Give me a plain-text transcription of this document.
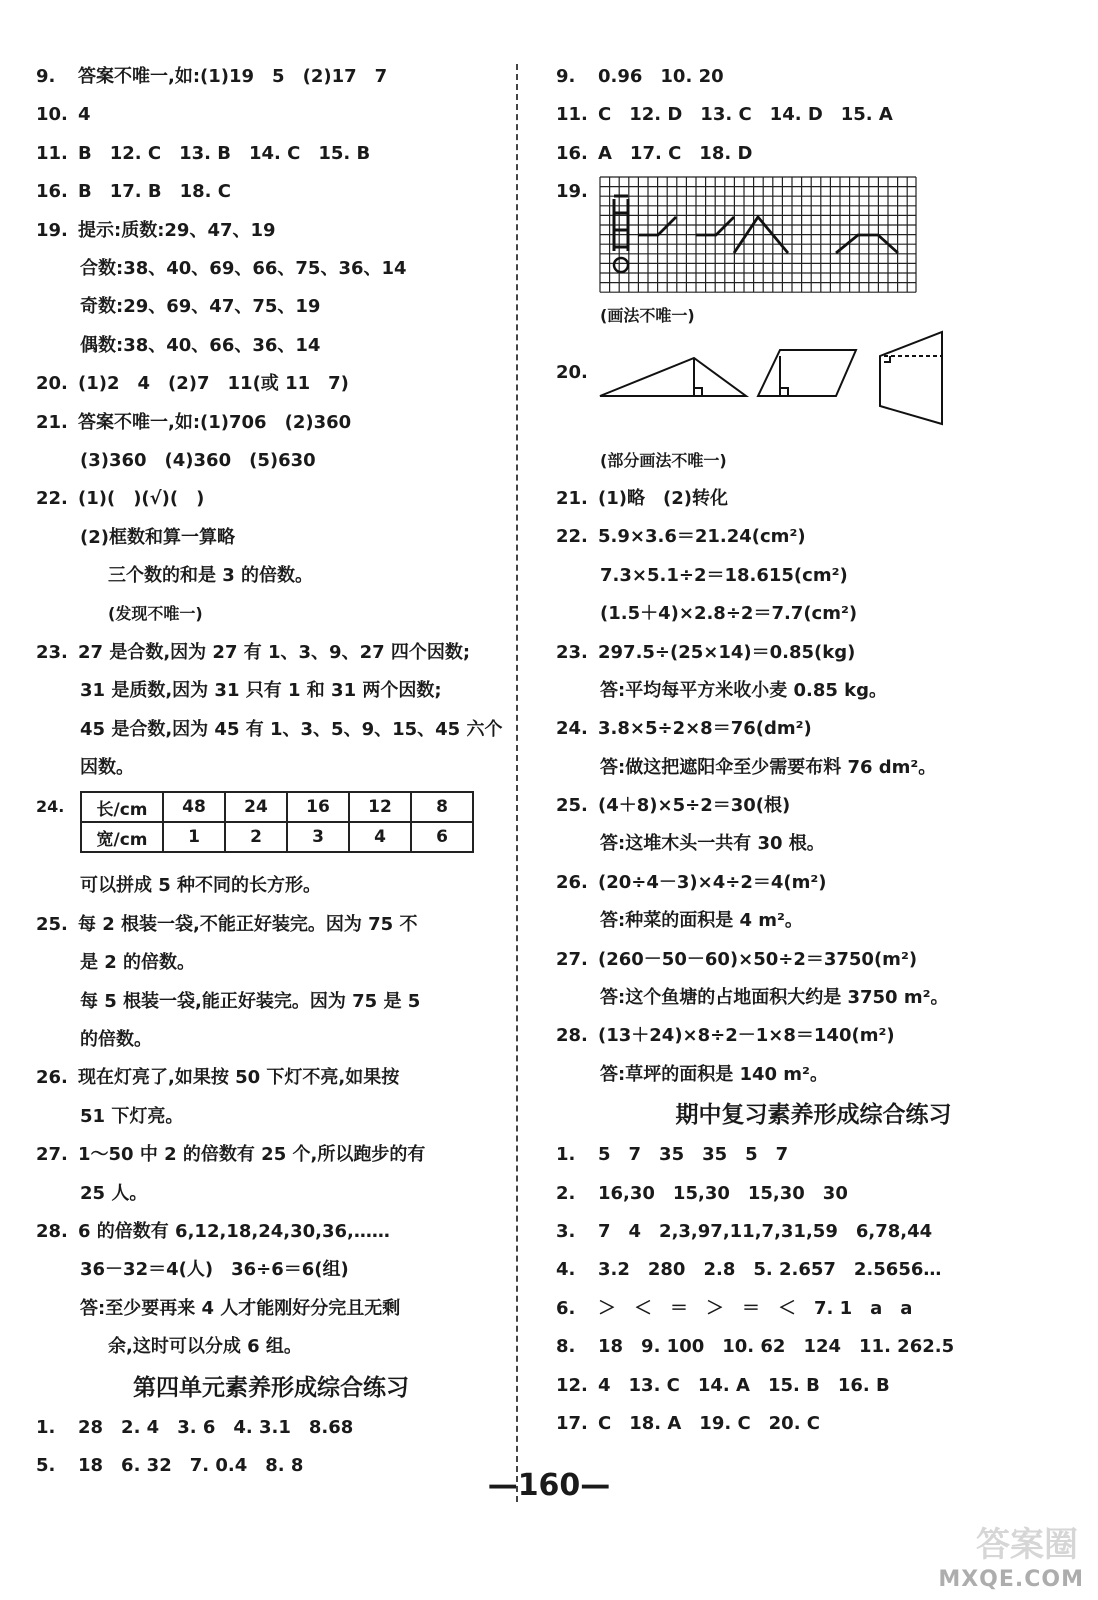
9. 答案不唯一,如:(1)19　5　(2)17　7
10. 4
11. B　12. C　13. B　14. C　15. B
16. B　17. B　18. C
19. 提示:质数:29、47、19
合数:38、40、69、66、75、36、14
奇数:29、69、47、75、19
偶数:38、40、66、36、14
20. (1)2　4　(2)7　11(或 11　7)
21. 答案不唯一,如:(1)706　(2)360
(3)360　(4)360　(5)630
22. (1)(　)(√)(　)
(2)框数和算一算略
三个数的和是 3 的倍数。
(发现不唯一)
23. 27 是合数,因为 27 有 1、3、9、27 四个因数;
31 是质数,因为 31 只有 1 和 31 两个因数;
45 是合数,因为 45 有 1、3、5、9、15、45 六个
因数。
24.	长/cm	48	24	16	12	8
宽/cm	1	2	3	4	6
可以拼成 5 种不同的长方形。
25. 每 2 根装一袋,不能正好装完。因为 75 不
是 2 的倍数。
每 5 根装一袋,能正好装完。因为 75 是 5
的倍数。
26. 现在灯亮了,如果按 50 下灯不亮,如果按
51 下灯亮。
27. 1～50 中 2 的倍数有 25 个,所以跑步的有
25 人。
28. 6 的倍数有 6,12,18,24,30,36,……
36－32＝4(人)　36÷6＝6(组)
答:至少要再来 4 人才能刚好分完且无剩
余,这时可以分成 6 组。
第四单元素养形成综合练习
1. 28　2. 4　3. 6　4. 3.1　8.68
5. 18　6. 32　7. 0.4　8. 8
9. 0.96　10. 20
11. C　12. D　13. C　14. D　15. A
16. A　17. C　18. D
19.
(画法不唯一)
20.
(部分画法不唯一)
21. (1)略　(2)转化
22. 5.9×3.6＝21.24(cm²)
7.3×5.1÷2＝18.615(cm²)
(1.5＋4)×2.8÷2＝7.7(cm²)
23. 297.5÷(25×14)＝0.85(kg)
答:平均每平方米收小麦 0.85 kg。
24. 3.8×5÷2×8＝76(dm²)
答:做这把遮阳伞至少需要布料 76 dm²。
25. (4＋8)×5÷2＝30(根)
答:这堆木头一共有 30 根。
26. (20÷4－3)×4÷2＝4(m²)
答:种菜的面积是 4 m²。
27. (260－50－60)×50÷2＝3750(m²)
答:这个鱼塘的占地面积大约是 3750 m²。
28. (13＋24)×8÷2－1×8＝140(m²)
答:草坪的面积是 140 m²。
期中复习素养形成综合练习
1. 5　7　35　35　5　7
2. 16,30　15,30　15,30　30
3. 7　4　2,3,97,11,7,31,59　6,78,44
4. 3.2　280　2.8　5. 2.657　2.5656…
6. ＞　＜　＝　＞　＝　＜　7. 1　a　a
8. 18　9. 100　10. 62　124　11. 262.5
12. 4　13. C　14. A　15. B　16. B
17. C　18. A　19. C　20. C
—160—
答案圈
MXQE.COM
